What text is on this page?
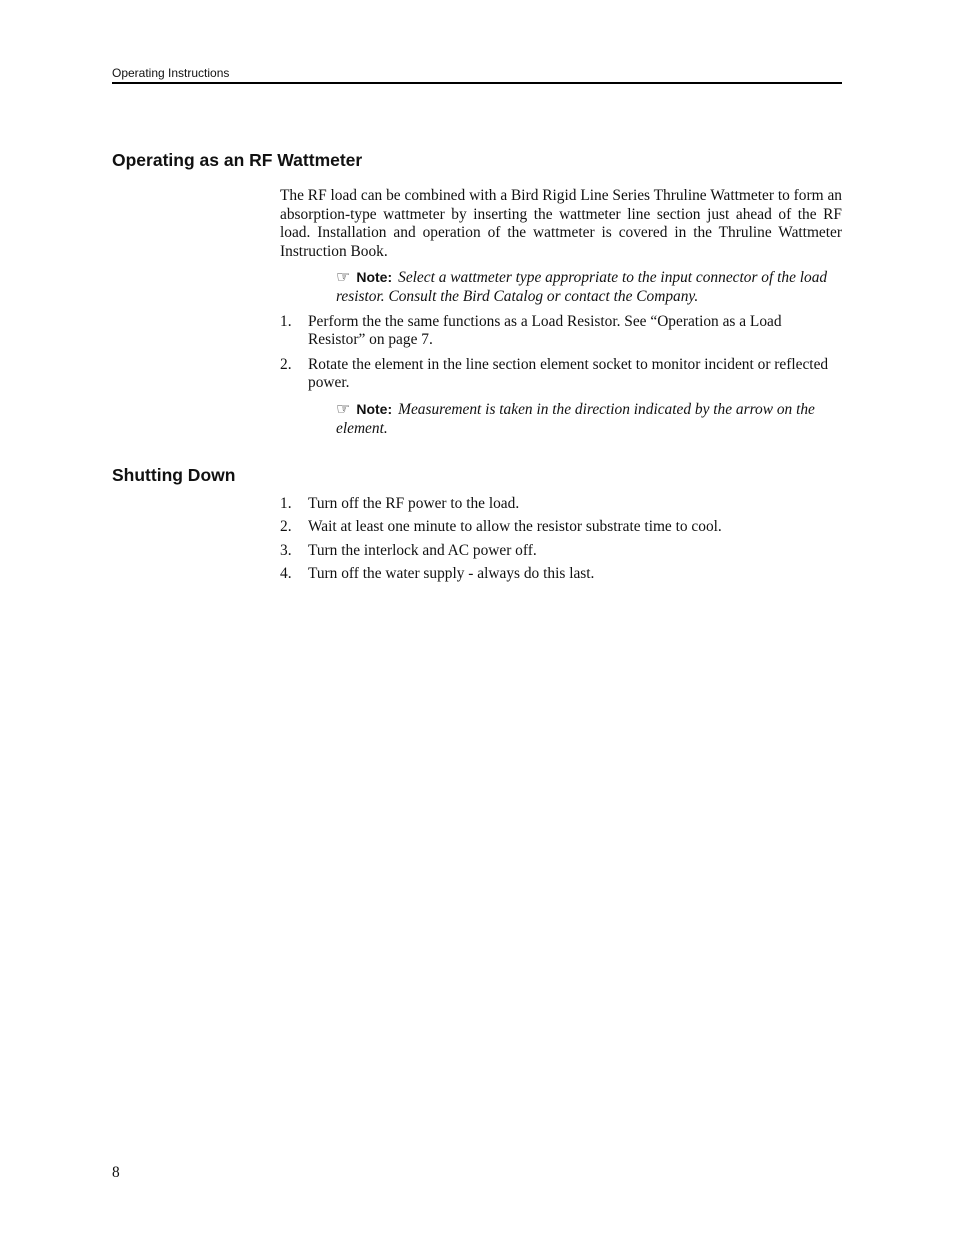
Operating Instructions
Operating as an RF Wattmeter

The RF load can be combined with a Bird Rigid Line Series Thruline Wattmeter to form an absorption-type wattmeter by inserting the wattmeter line section just ahead of the RF load. Installation and operation of the wattmeter is covered in the Thruline Wattmeter Instruction Book.

☞ Note: Select a wattmeter type appropriate to the input connector of the load resistor. Consult the Bird Catalog or contact the Company.

1. Perform the the same functions as a Load Resistor. See “Operation as a Load Resistor” on page 7.
2. Rotate the element in the line section element socket to monitor incident or reflected power.

☞ Note: Measurement is taken in the direction indicated by the arrow on the element.

Shutting Down
1. Turn off the RF power to the load.
2. Wait at least one minute to allow the resistor substrate time to cool.
3. Turn the interlock and AC power off.
4. Turn off the water supply - always do this last.
8
